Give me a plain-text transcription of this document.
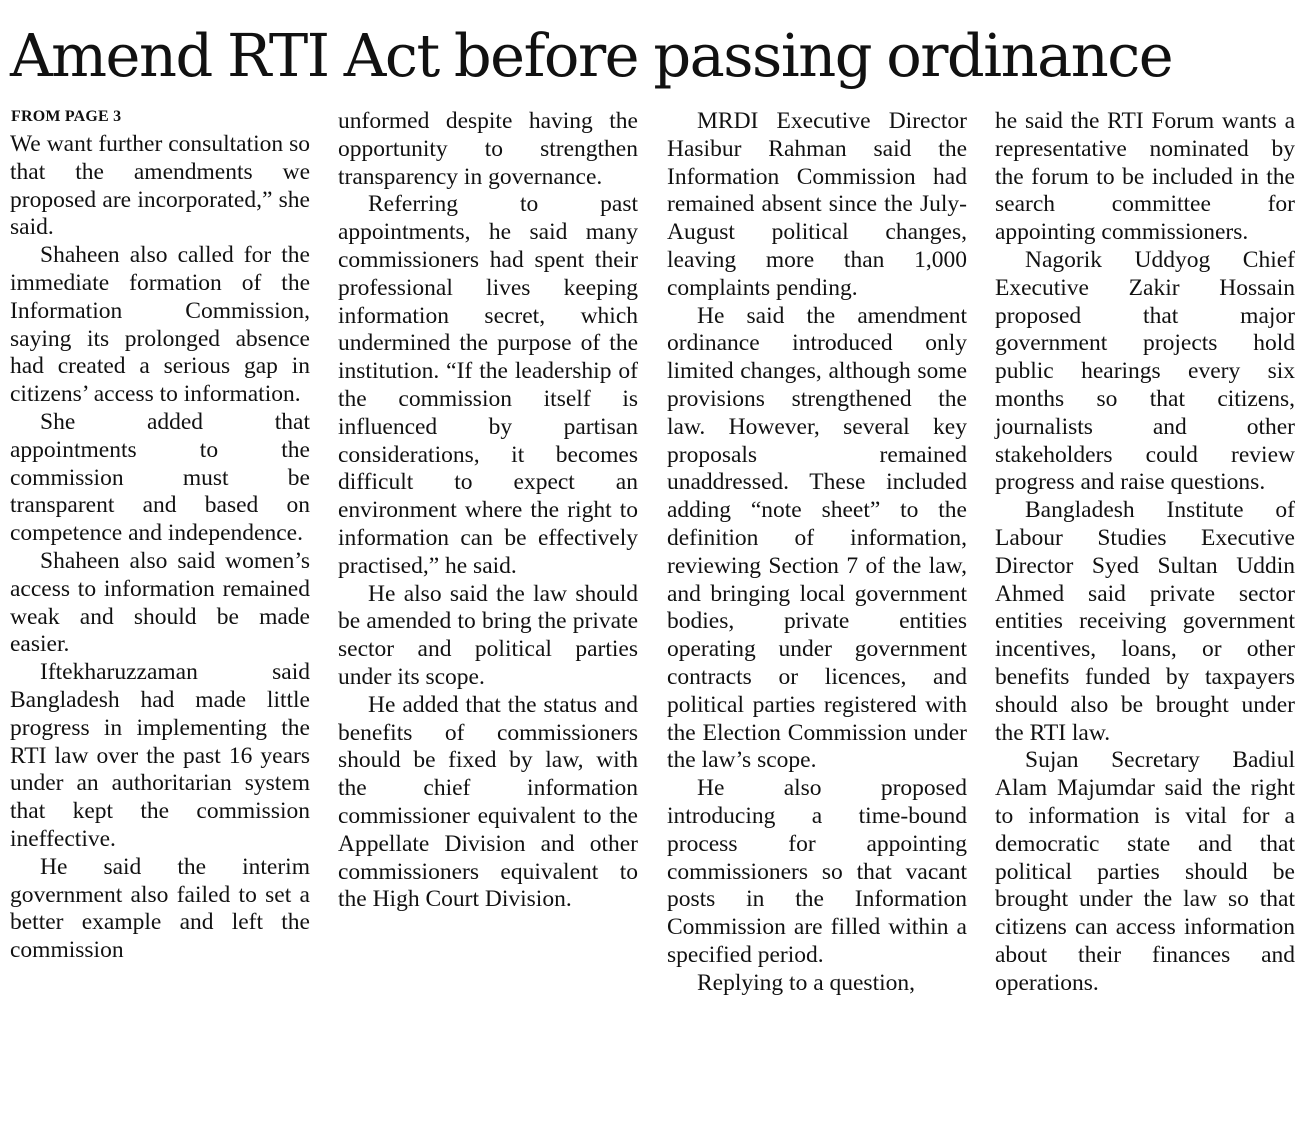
Amend RTI Act before passing ordinance
FROM PAGE 3

We want further consultation so that the amendments we proposed are incorporated,” she said.

Shaheen also called for the immediate formation of the Information Commission, saying its prolonged absence had created a serious gap in citizens’ access to information.

She added that appointments to the commission must be transparent and based on competence and independence.

Shaheen also said women’s access to information remained weak and should be made easier.

Iftekharuzzaman said Bangladesh had made little progress in implementing the RTI law over the past 16 years under an authoritarian system that kept the commission ineffective.

He said the interim government also failed to set a better example and left the commission

unformed despite having the opportunity to strengthen transparency in governance.

Referring to past appointments, he said many commissioners had spent their professional lives keeping information secret, which undermined the purpose of the institution. “If the leadership of the commission itself is influenced by partisan considerations, it becomes difficult to expect an environment where the right to information can be effectively practised,” he said.

He also said the law should be amended to bring the private sector and political parties under its scope.

He added that the status and benefits of commissioners should be fixed by law, with the chief information commissioner equivalent to the Appellate Division and other commissioners equivalent to the High Court Division.

MRDI Executive Director Hasibur Rahman said the Information Commission had remained absent since the July-August political changes, leaving more than 1,000 complaints pending.

He said the amendment ordinance introduced only limited changes, although some provisions strengthened the law. However, several key proposals remained unaddressed. These included adding “note sheet” to the definition of information, reviewing Section 7 of the law, and bringing local government bodies, private entities operating under government contracts or licences, and political parties registered with the Election Commission under the law’s scope.

He also proposed introducing a time-bound process for appointing commissioners so that vacant posts in the Information Commission are filled within a specified period.

Replying to a question,

he said the RTI Forum wants a representative nominated by the forum to be included in the search committee for appointing commissioners.

Nagorik Uddyog Chief Executive Zakir Hossain proposed that major government projects hold public hearings every six months so that citizens, journalists and other stakeholders could review progress and raise questions.

Bangladesh Institute of Labour Studies Executive Director Syed Sultan Uddin Ahmed said private sector entities receiving government incentives, loans, or other benefits funded by taxpayers should also be brought under the RTI law.

Sujan Secretary Badiul Alam Majumdar said the right to information is vital for a democratic state and that political parties should be brought under the law so that citizens can access information about their finances and operations.
